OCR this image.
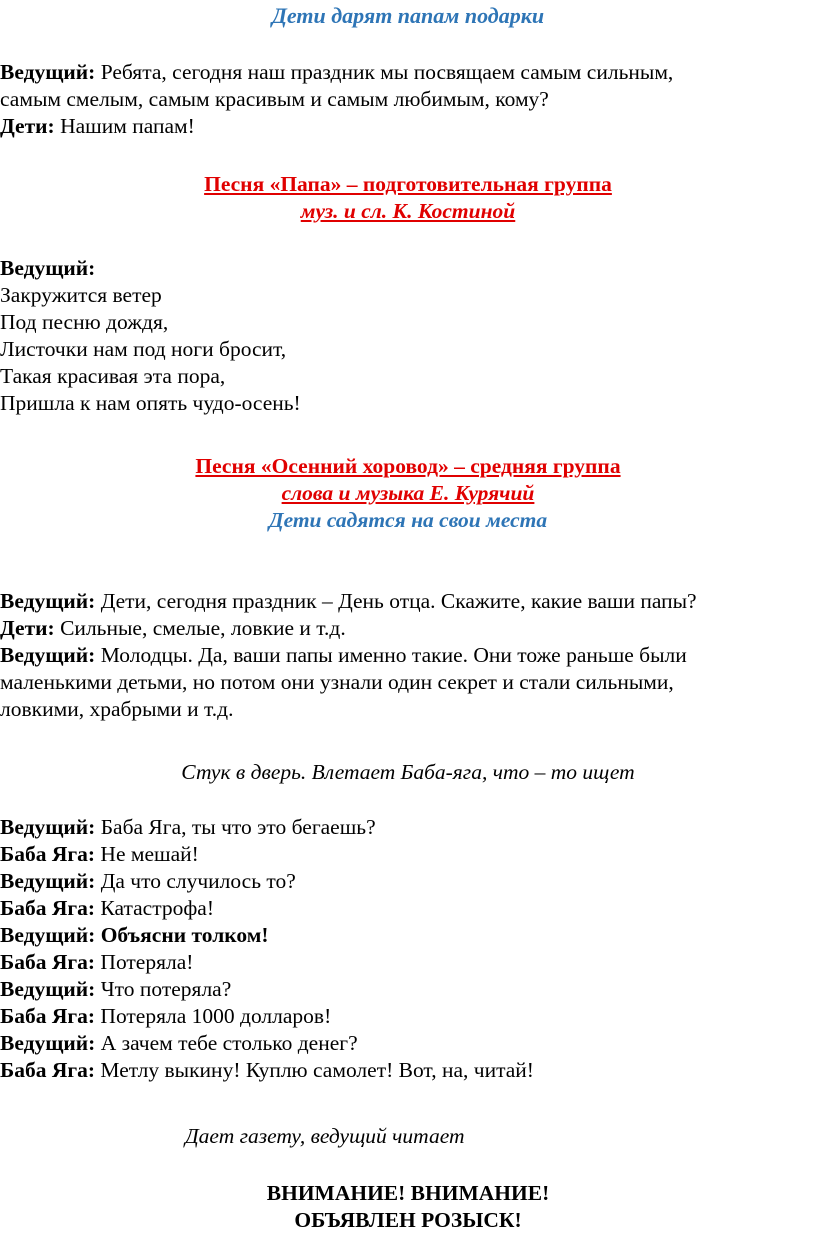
Дети дарят папам подарки
Ведущий: Ребята, сегодня наш праздник мы посвящаем самым сильным,
самым смелым, самым красивым и самым любимым, кому?
Дети: Нашим папам!
Песня «Папа» – подготовительная группа
муз. и сл. К. Костиной
Ведущий:
Закружится ветер
Под песню дождя,
Листочки нам под ноги бросит,
Такая красивая эта пора,
Пришла к нам опять чудо-осень!
Песня «Осенний хоровод» – средняя группа
слова и музыка Е. Курячий
Дети садятся на свои места
Ведущий: Дети, сегодня праздник – День отца. Скажите, какие ваши папы?
Дети: Сильные, смелые, ловкие и т.д.
Ведущий: Молодцы. Да, ваши папы именно такие. Они тоже раньше были
маленькими детьми, но потом они узнали один секрет и стали сильными,
ловкими, храбрыми и т.д.
Стук в дверь. Влетает Баба-яга, что – то ищет
Ведущий: Баба Яга, ты что это бегаешь?
Баба Яга: Не мешай!
Ведущий: Да что случилось то?
Баба Яга: Катастрофа!
Ведущий: Объясни толком!
Баба Яга: Потеряла!
Ведущий: Что потеряла?
Баба Яга: Потеряла 1000 долларов!
Ведущий: А зачем тебе столько денег?
Баба Яга: Метлу выкину! Куплю самолет! Вот, на, читай!
Дает газету, ведущий читает
ВНИМАНИЕ! ВНИМАНИЕ!
ОБЪЯВЛЕН РОЗЫСК!
